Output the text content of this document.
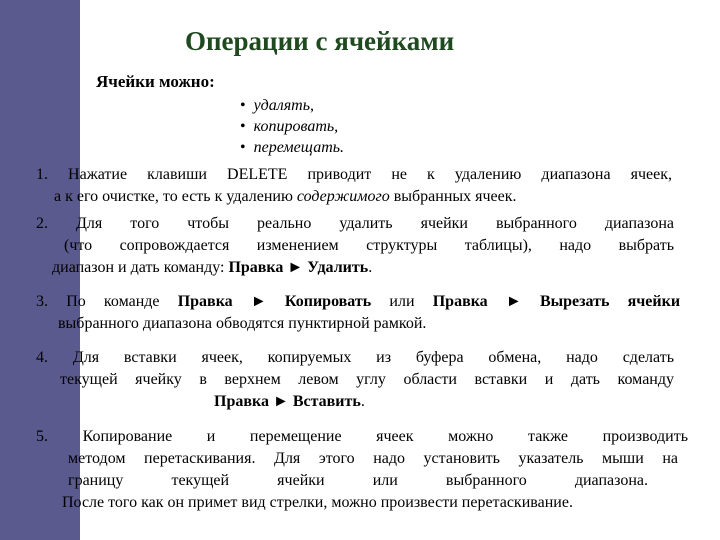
Операции с ячейками
Ячейки можно:
• удалять,
• копировать,
• перемещать.
1. Нажатие клавиши DELETE приводит не к удалению диапазона ячеек,
а к его очистке, то есть к удалению содержимого выбранных ячеек.
2. Для того чтобы реально удалить ячейки выбранного диапазона
(что сопровождается изменением структуры таблицы), надо выбрать
диапазон и дать команду: Правка ► Удалить.
3. По команде Правка ► Копировать или Правка ► Вырезать ячейки
выбранного диапазона обводятся пунктирной рамкой.
4. Для вставки ячеек, копируемых из буфера обмена, надо сделать
текущей ячейку в верхнем левом углу области вставки и дать команду
Правка ► Вставить.
5. Копирование и перемещение ячеек можно также производить
методом перетаскивания. Для этого надо установить указатель мыши на
границу текущей ячейки или выбранного диапазона.
После того как он примет вид стрелки, можно произвести перетаскивание.
